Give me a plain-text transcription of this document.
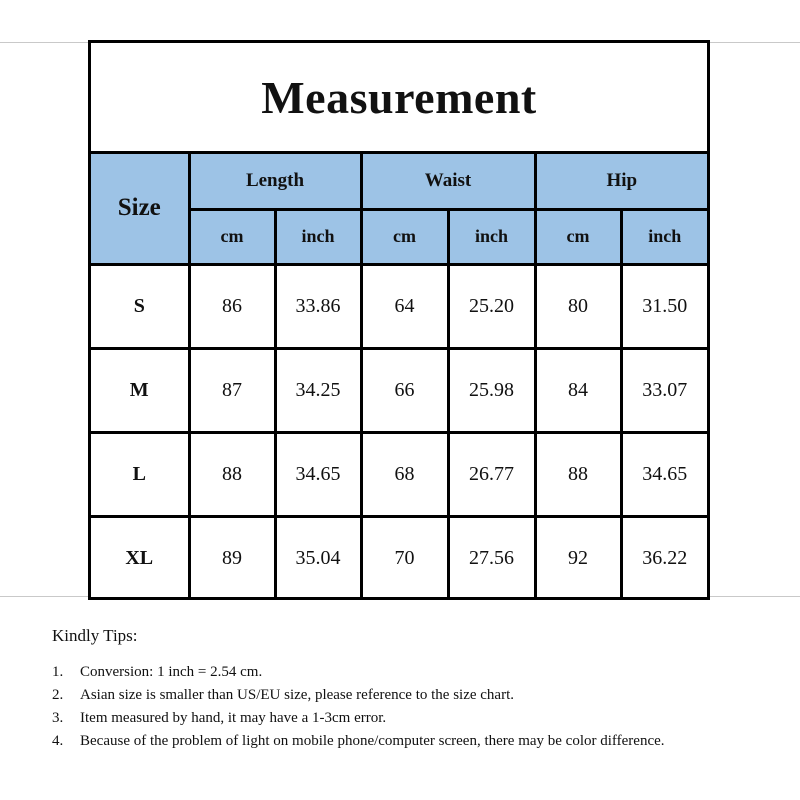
Measurement
Size	Length		Waist		Hip	
	cm	inch	cm	inch	cm	inch
S	86	33.86	64	25.20	80	31.50
M	87	34.25	66	25.98	84	33.07
L	88	34.65	68	26.77	88	34.65
XL	89	35.04	70	27.56	92	36.22

Kindly Tips:

1.	Conversion: 1 inch = 2.54 cm.
2.	Asian size is smaller than US/EU size, please reference to the size chart.
3.	Item measured by hand, it may have a 1-3cm error.
4.	Because of the problem of light on mobile phone/computer screen, there may be color difference.
